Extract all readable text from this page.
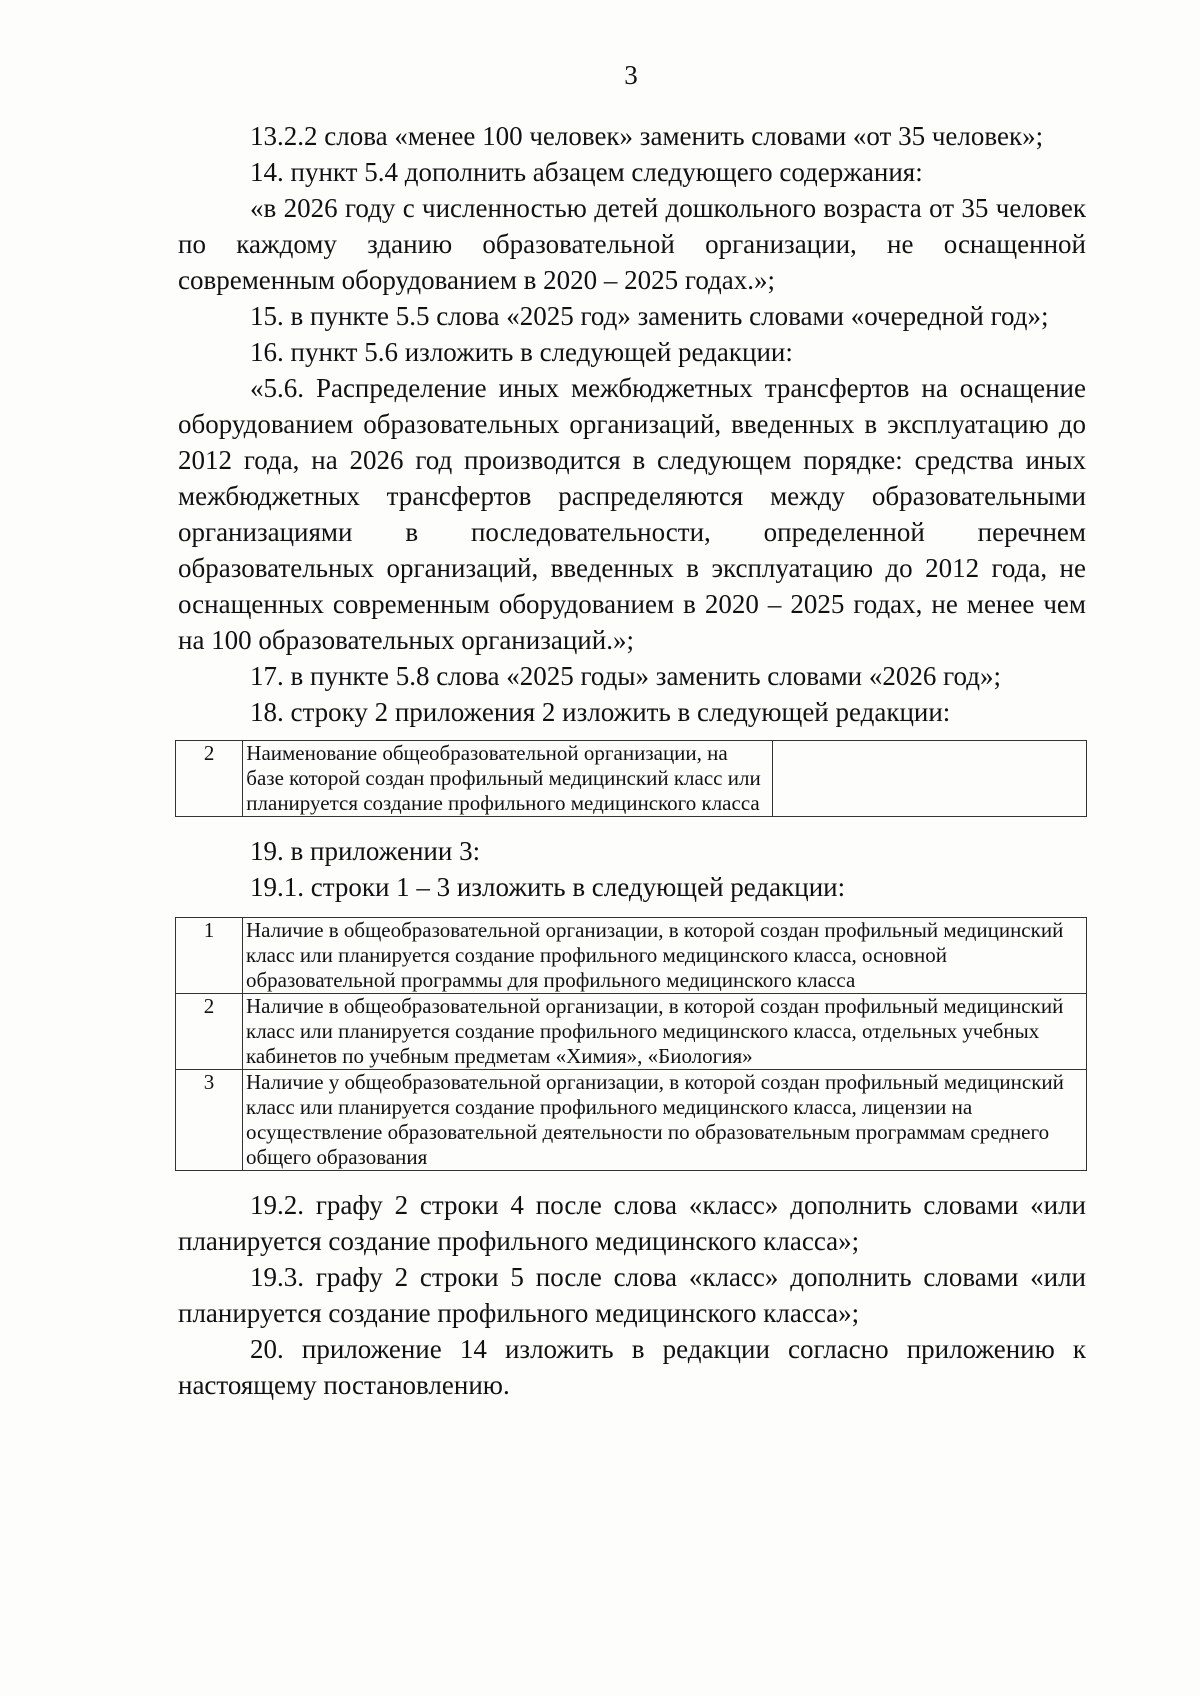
3

13.2.2 слова «менее 100 человек» заменить словами «от 35 человек»;

14. пункт 5.4 дополнить абзацем следующего содержания:

«в 2026 году с численностью детей дошкольного возраста от 35 человек по каждому зданию образовательной организации, не оснащенной современным оборудованием в 2020 – 2025 годах.»;

15. в пункте 5.5 слова «2025 год» заменить словами «очередной год»;

16. пункт 5.6 изложить в следующей редакции:

«5.6. Распределение иных межбюджетных трансфертов на оснащение оборудованием образовательных организаций, введенных в эксплуатацию до 2012 года, на 2026 год производится в следующем порядке: средства иных межбюджетных трансфертов распределяются между образовательными организациями в последовательности, определенной перечнем образовательных организаций, введенных в эксплуатацию до 2012 года, не оснащенных современным оборудованием в 2020 – 2025 годах, не менее чем на 100 образовательных организаций.»;

17. в пункте 5.8 слова «2025 годы» заменить словами «2026 год»;

18. строку 2 приложения 2 изложить в следующей редакции:

2	Наименование общеобразовательной организации, на базе которой создан профильный медицинский класс или планируется создание профильного медицинского класса	

19. в приложении 3:

19.1. строки 1 – 3 изложить в следующей редакции:

1	Наличие в общеобразовательной организации, в которой создан профильный медицинский класс или планируется создание профильного медицинского класса, основной образовательной программы для профильного медицинского класса
2	Наличие в общеобразовательной организации, в которой создан профильный медицинский класс или планируется создание профильного медицинского класса, отдельных учебных кабинетов по учебным предметам «Химия», «Биология»
3	Наличие у общеобразовательной организации, в которой создан профильный медицинский класс или планируется создание профильного медицинского класса, лицензии на осуществление образовательной деятельности по образовательным программам среднего общего образования

19.2. графу 2 строки 4 после слова «класс» дополнить словами «или планируется создание профильного медицинского класса»;

19.3. графу 2 строки 5 после слова «класс» дополнить словами «или планируется создание профильного медицинского класса»;

20. приложение 14 изложить в редакции согласно приложению к настоящему постановлению.
